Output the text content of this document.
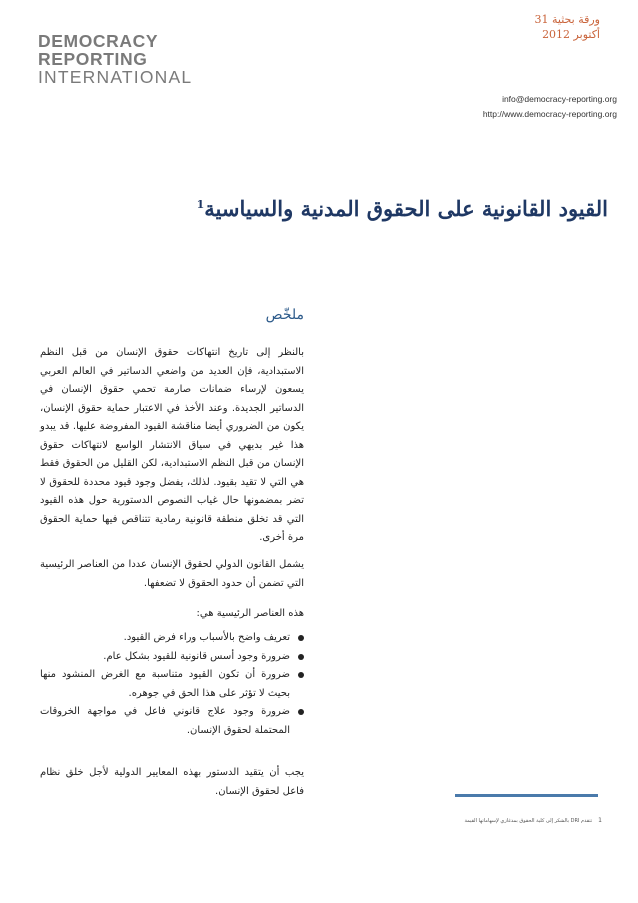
ورقة بحثية 31
أكتوبر 2012
DEMOCRACY
REPORTING
INTERNATIONAL
info@democracy-reporting.org
http://www.democracy-reporting.org
القيود القانونية على الحقوق المدنية والسياسية$^1$
ملخّص
بالنظر إلى تاريخ انتهاكات حقوق الإنسان من قبل النظم الاستبدادية، فإن العديد من واضعي الدساتير في العالم العربي يسعون لإرساء ضمانات صارمة تحمي حقوق الإنسان في الدساتير الجديدة. وعند الأخذ في الاعتبار حماية حقوق الإنسان، يكون من الضروري أيضا مناقشة القيود المفروضة عليها. قد يبدو هذا غير بديهي في سياق الانتشار الواسع لانتهاكات حقوق الإنسان من قبل النظم الاستبدادية، لكن القليل من الحقوق فقط هي التي لا تقيد بقيود. لذلك، يفضل وجود قيود محددة للحقوق لا تضر بمضمونها حال غياب النصوص الدستورية حول هذه القيود التي قد تخلق منطقة قانونية رمادية تتناقص فيها حماية الحقوق مرة أخرى.
يشمل القانون الدولي لحقوق الإنسان عددا من العناصر الرئيسية التي تضمن أن حدود الحقوق لا تضعفها.
هذه العناصر الرئيسية هي:
تعريف واضح بالأسباب وراء فرض القيود.
ضرورة وجود أسس قانونية للقيود بشكل عام.
ضرورة أن تكون القيود متناسبة مع الغرض المنشود منها بحيث لا تؤثر على هذا الحق في جوهره.
ضرورة وجود علاج قانوني فاعل في مواجهة الخروقات المحتملة لحقوق الإنسان.
يجب أن يتقيد الدستور بهذه المعايير الدولية لأجل خلق نظام فاعل لحقوق الإنسان.
1تتقدم DRI بالشكر إلى كلية الحقوق بمدغازي لإسهاماتها القيمة
